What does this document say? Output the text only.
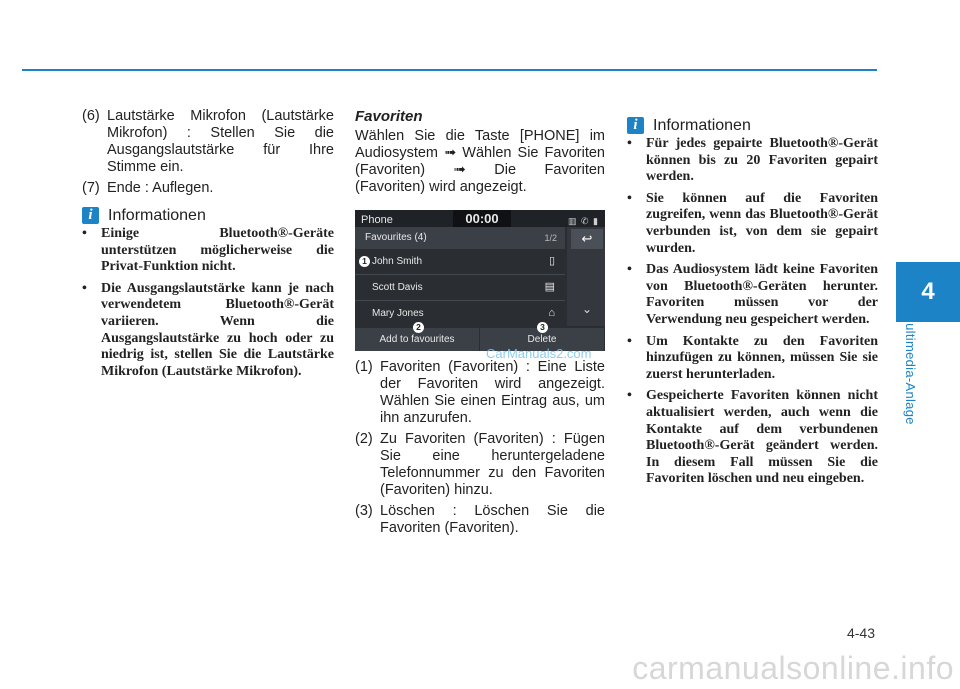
4
Multimedia-Anlage
(6) Lautstärke Mikrofon (Lautstärke Mikrofon) : Stellen Sie die Ausgangslautstärke für Ihre Stimme ein.
(7) Ende : Auflegen.
i Informationen
• Einige Bluetooth®-Geräte unterstützen möglicherweise die Privat-Funktion nicht.
• Die Ausgangslautstärke kann je nach verwendetem Bluetooth®-Gerät variieren. Wenn die Ausgangslautstärke zu hoch oder zu niedrig ist, stellen Sie die Lautstärke Mikrofon (Lautstärke Mikrofon).
Favoriten
Wählen Sie die Taste [PHONE] im Audiosystem ➟ Wählen Sie Favoriten (Favoriten) ➟ Die Favoriten (Favoriten) wird angezeigt.
Phone	00:00	▥ ✆ ▮
Favourites (4)	1/2
John Smith	▯
Scott Davis	▤
Mary Jones	⌂
↩
⌄
Add to favourites	Delete
1
2	3
(1) Favoriten (Favoriten) : Eine Liste der Favoriten wird angezeigt. Wählen Sie einen Eintrag aus, um ihn anzurufen.
(2) Zu Favoriten (Favoriten) : Fügen Sie eine heruntergeladene Telefonnummer zu den Favoriten (Favoriten) hinzu.
(3) Löschen : Löschen Sie die Favoriten (Favoriten).
CarManuals2.com
i Informationen
• Für jedes gepairte Bluetooth®-Gerät können bis zu 20 Favoriten gepairt werden.
• Sie können auf die Favoriten zugreifen, wenn das Bluetooth®-Gerät verbunden ist, von dem sie gepairt wurden.
• Das Audiosystem lädt keine Favoriten von Bluetooth®-Geräten herunter. Favoriten müssen vor der Verwendung neu gespeichert werden.
• Um Kontakte zu den Favoriten hinzufügen zu können, müssen Sie sie zuerst herunterladen.
• Gespeicherte Favoriten können nicht aktualisiert werden, auch wenn die Kontakte auf dem verbundenen Bluetooth®-Gerät geändert werden. In diesem Fall müssen Sie die Favoriten löschen und neu eingeben.
4-43
carmanualsonline.info
